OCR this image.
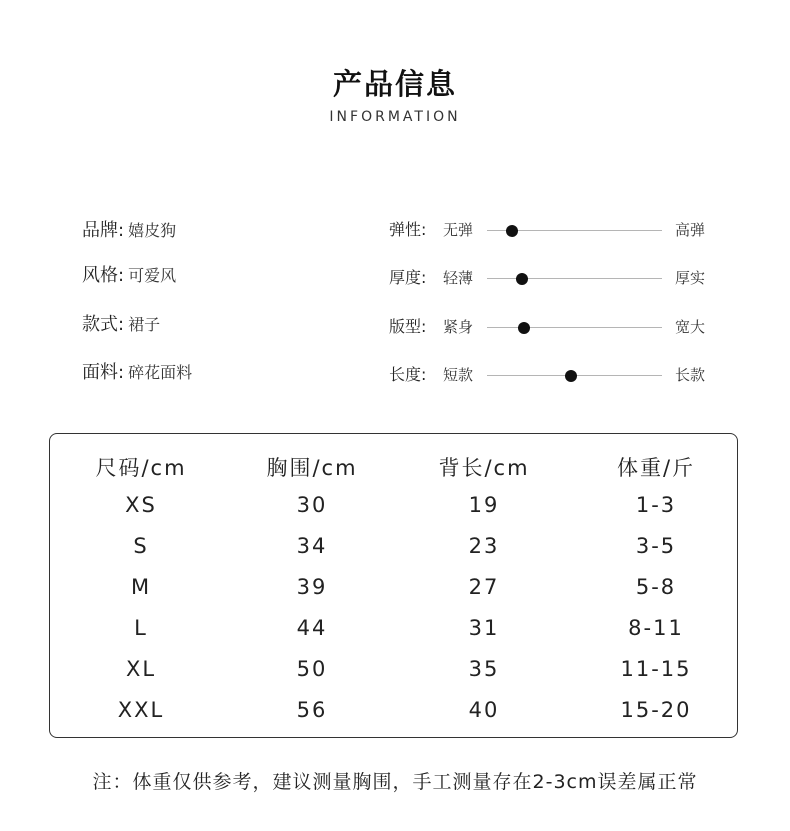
产品信息
INFORMATION
品牌: 嬉皮狗
风格: 可爱风
款式: 裙子
面料: 碎花面料
弹性: 无弹	高弹
厚度: 轻薄	厚实
版型: 紧身	宽大
长度: 短款	长款
尺码/cm	胸围/cm	背长/cm	体重/斤
XS	30	19	1-3
S	34	23	3-5
M	39	27	5-8
L	44	31	8-11
XL	50	35	11-15
XXL	56	40	15-20
注：体重仅供参考，建议测量胸围，手工测量存在2-3cm误差属正常
